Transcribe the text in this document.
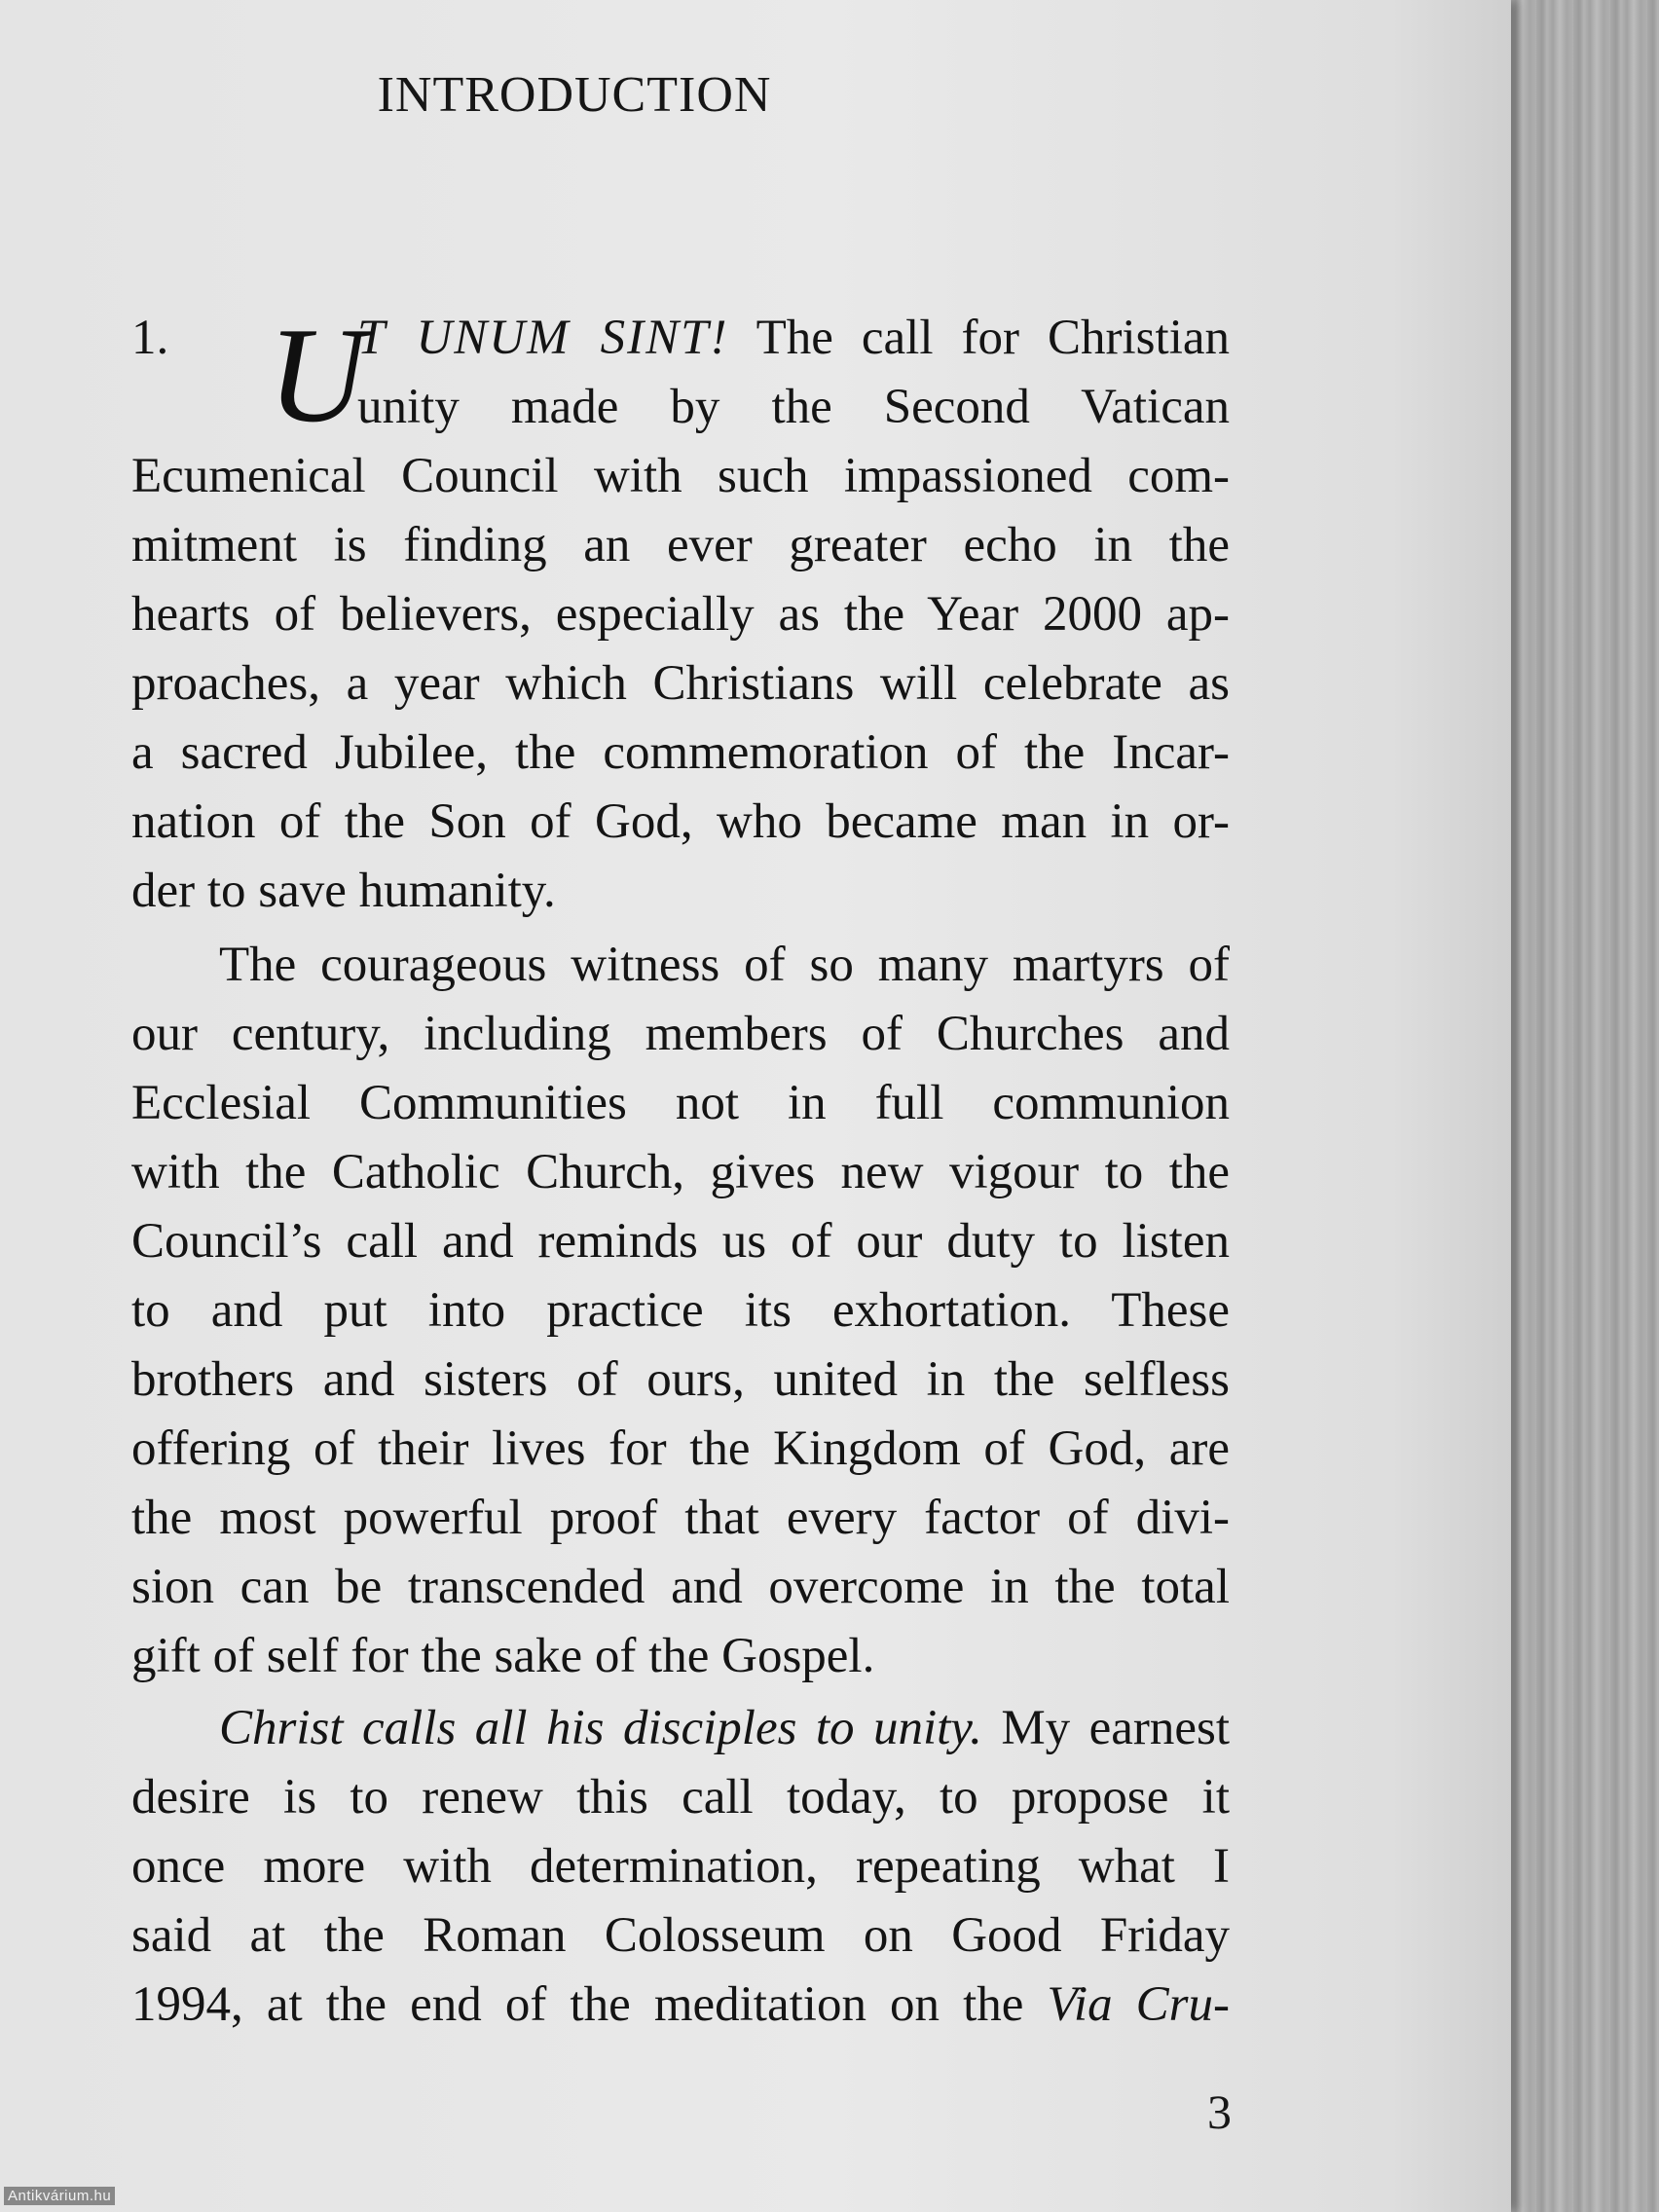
INTRODUCTION
1. U
T UNUM SINT! The call for Christian
unity made by the Second Vatican
Ecumenical Council with such impassioned com-
mitment is finding an ever greater echo in the
hearts of believers, especially as the Year 2000 ap-
proaches, a year which Christians will celebrate as
a sacred Jubilee, the commemoration of the Incar-
nation of the Son of God, who became man in or-
der to save humanity.
The courageous witness of so many martyrs of
our century, including members of Churches and
Ecclesial Communities not in full communion
with the Catholic Church, gives new vigour to the
Council’s call and reminds us of our duty to listen
to and put into practice its exhortation. These
brothers and sisters of ours, united in the selfless
offering of their lives for the Kingdom of God, are
the most powerful proof that every factor of divi-
sion can be transcended and overcome in the total
gift of self for the sake of the Gospel.
Christ calls all his disciples to unity. My earnest
desire is to renew this call today, to propose it
once more with determination, repeating what I
said at the Roman Colosseum on Good Friday
1994, at the end of the meditation on the Via Cru-

3

Antikvárium.hu
